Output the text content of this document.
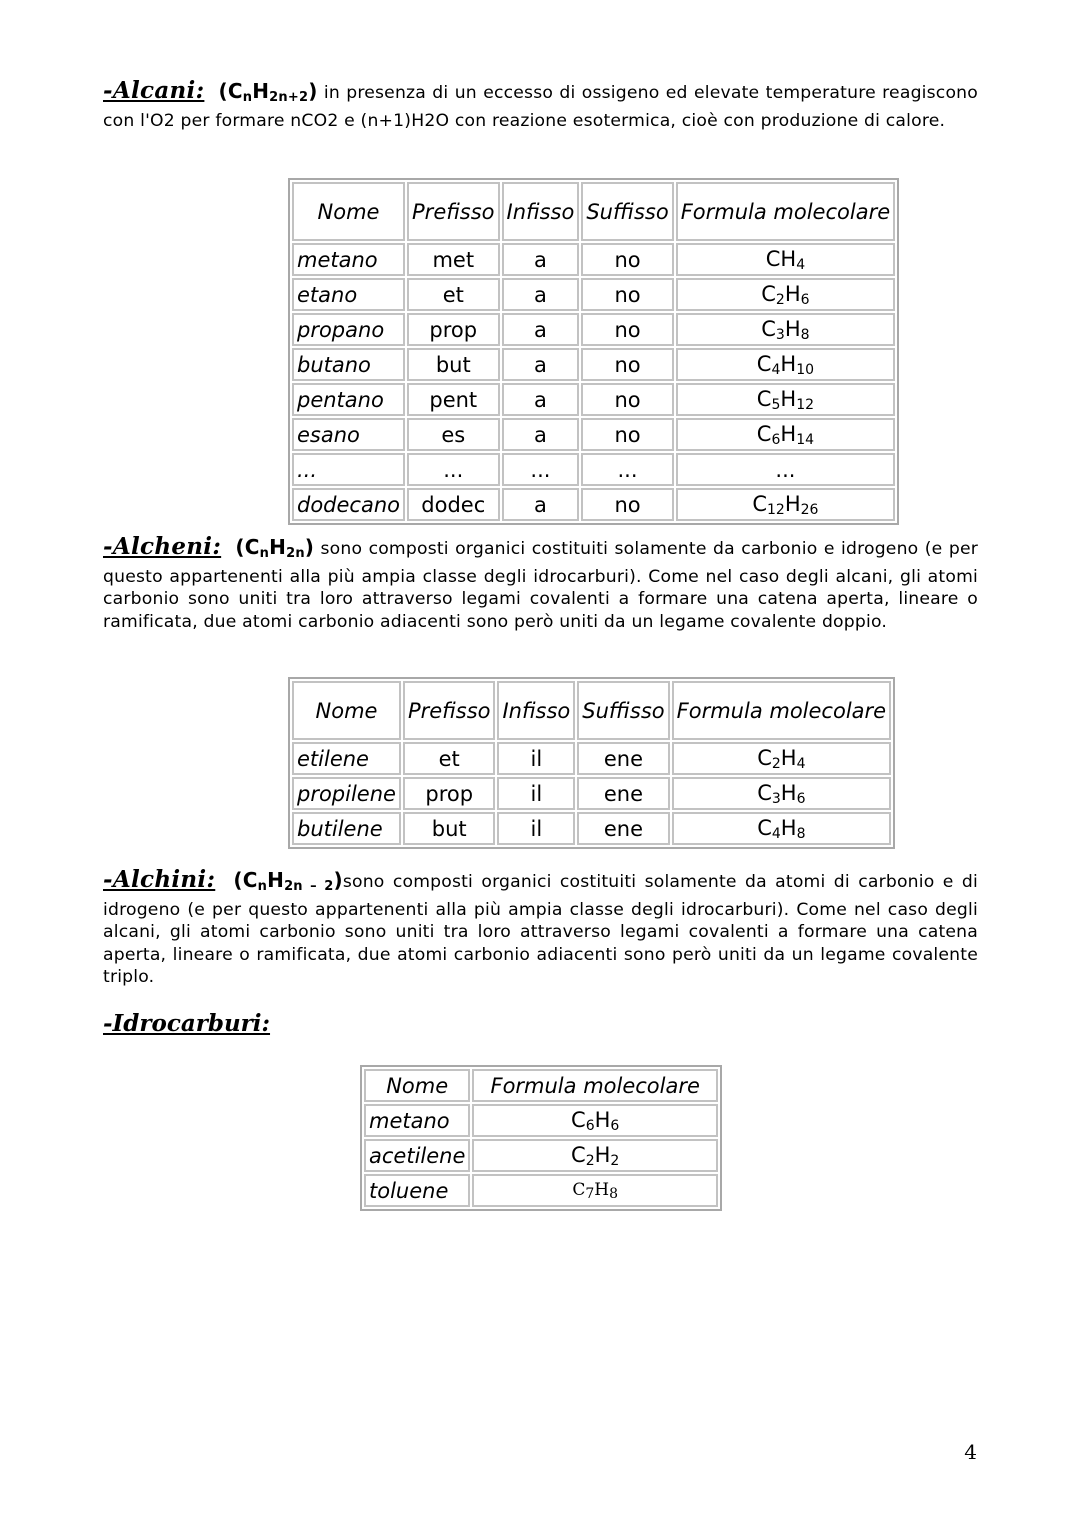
-Alcani:  $(C_nH_{2n+2})$ in presenza di un eccesso di ossigeno ed elevate temperature reagiscono con l'O2 per formare nCO2 e (n+1)H2O con reazione esotermica, cioè con produzione di calore.
Nome	Prefisso	Infisso	Suffisso	Formula molecolare
metano	met	a	no	$CH_4$
etano	et	a	no	$C_2H_6$
propano	prop	a	no	$C_3H_8$
butano	but	a	no	$C_4H_{10}$
pentano	pent	a	no	$C_5H_{12}$
esano	es	a	no	$C_6H_{14}$
...	...	...	...	...
dodecano	dodec	a	no	$C_{12}H_{26}$
-Alcheni:  $(C_nH_{2n})$ sono composti organici costituiti solamente da carbonio e idrogeno (e per questo appartenenti alla più ampia classe degli idrocarburi). Come nel caso degli alcani, gli atomi carbonio sono uniti tra loro attraverso legami covalenti a formare una catena aperta, lineare o ramificata, due atomi carbonio adiacenti sono però uniti da un legame covalente doppio.
Nome	Prefisso	Infisso	Suffisso	Formula molecolare
etilene	et	il	ene	$C_2H_4$
propilene	prop	il	ene	$C_3H_6$
butilene	but	il	ene	$C_4H_8$
-Alchini:  $(C_nH_{2n - 2})sono$ composti organici costituiti solamente da atomi di carbonio e di idrogeno (e per questo appartenenti alla più ampia classe degli idrocarburi). Come nel caso degli alcani, gli atomi carbonio sono uniti tra loro attraverso legami covalenti a formare una catena aperta, lineare o ramificata, due atomi carbonio adiacenti sono però uniti da un legame covalente triplo.
-Idrocarburi:
Nome	Formula molecolare
metano	$C_6H_6$
acetilene	$C_2H_2$
toluene	$C_7H_8$
4
